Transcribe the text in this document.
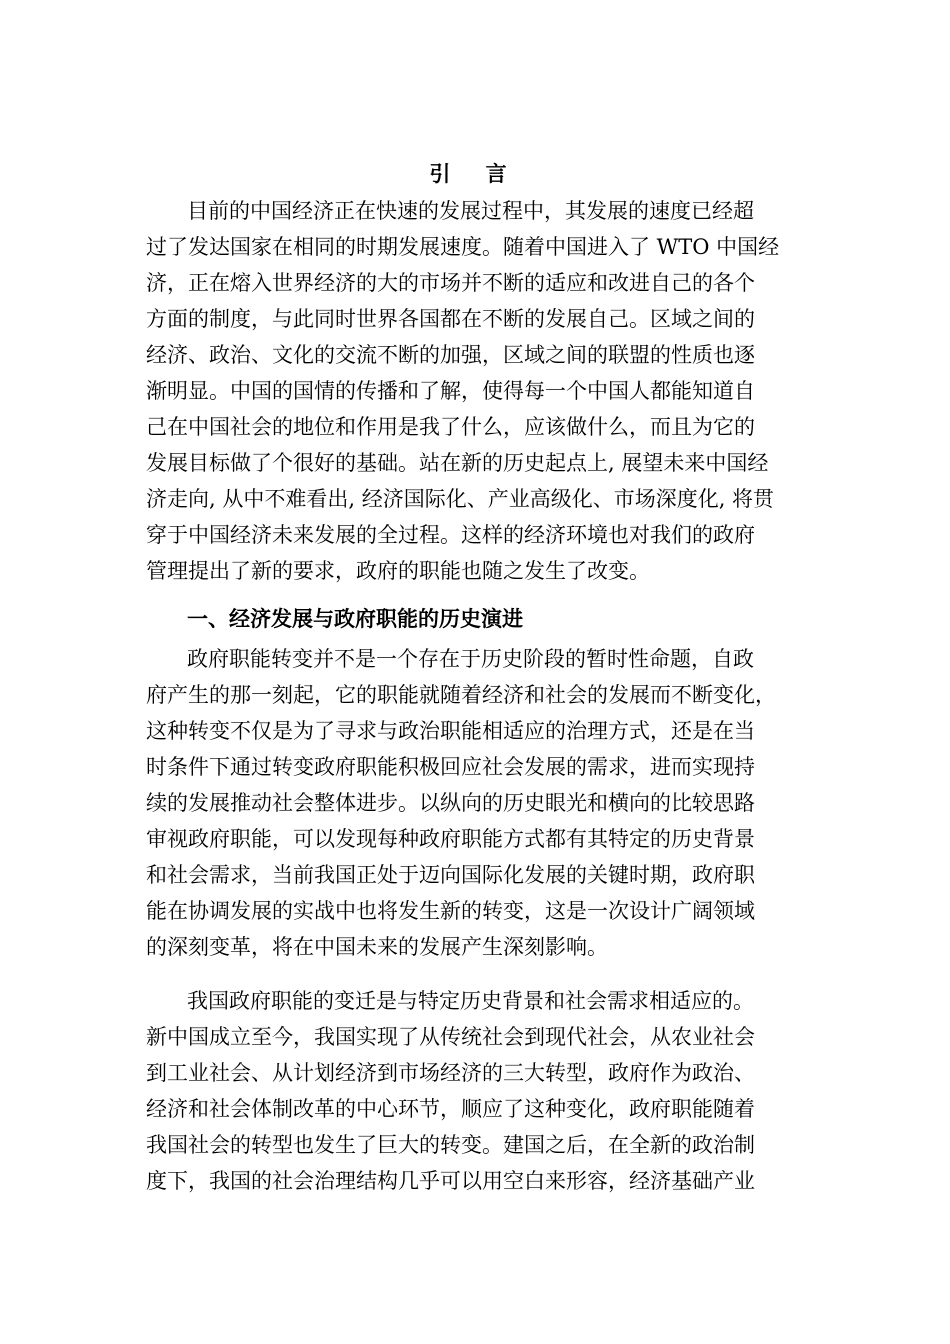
引 言
目前的中国经济正在快速的发展过程中，其发展的速度已经超
过了发达国家在相同的时期发展速度。随着中国进入了 WTO 中国经
济，正在熔入世界经济的大的市场并不断的适应和改进自己的各个
方面的制度，与此同时世界各国都在不断的发展自己。区域之间的
经济、政治、文化的交流不断的加强，区域之间的联盟的性质也逐
渐明显。中国的国情的传播和了解，使得每一个中国人都能知道自
己在中国社会的地位和作用是我了什么，应该做什么，而且为它的
发展目标做了个很好的基础。站在新的历史起点上, 展望未来中国经
济走向, 从中不难看出, 经济国际化、产业高级化、市场深度化, 将贯
穿于中国经济未来发展的全过程。这样的经济环境也对我们的政府
管理提出了新的要求，政府的职能也随之发生了改变。
一、经济发展与政府职能的历史演进
政府职能转变并不是一个存在于历史阶段的暂时性命题，自政
府产生的那一刻起，它的职能就随着经济和社会的发展而不断变化，
这种转变不仅是为了寻求与政治职能相适应的治理方式，还是在当
时条件下通过转变政府职能积极回应社会发展的需求，进而实现持
续的发展推动社会整体进步。以纵向的历史眼光和横向的比较思路
审视政府职能，可以发现每种政府职能方式都有其特定的历史背景
和社会需求，当前我国正处于迈向国际化发展的关键时期，政府职
能在协调发展的实战中也将发生新的转变，这是一次设计广阔领域
的深刻变革，将在中国未来的发展产生深刻影响。
我国政府职能的变迁是与特定历史背景和社会需求相适应的。
新中国成立至今，我国实现了从传统社会到现代社会，从农业社会
到工业社会、从计划经济到市场经济的三大转型，政府作为政治、
经济和社会体制改革的中心环节，顺应了这种变化，政府职能随着
我国社会的转型也发生了巨大的转变。建国之后，在全新的政治制
度下，我国的社会治理结构几乎可以用空白来形容，经济基础产业
